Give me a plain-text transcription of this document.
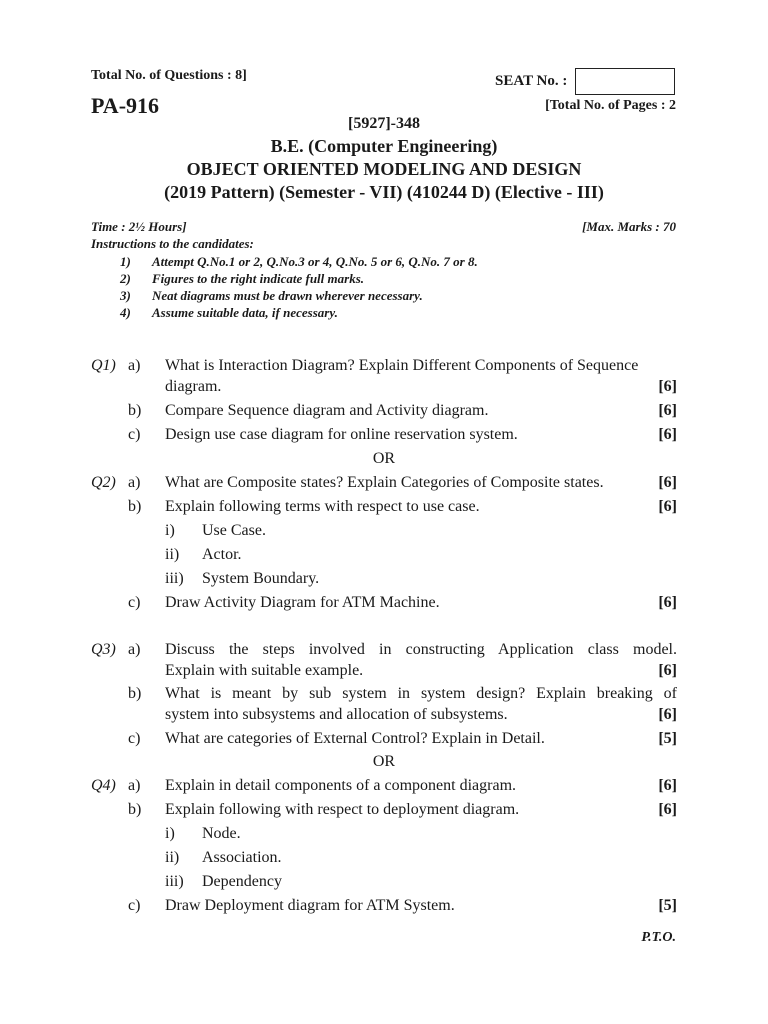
Total No. of Questions : 8]	SEAT No. :
PA-916	[Total No. of Pages : 2
[5927]-348
B.E. (Computer Engineering)
OBJECT ORIENTED MODELING AND DESIGN
(2019 Pattern) (Semester - VII) (410244 D) (Elective - III)
Time : 2½ Hours]	[Max. Marks : 70
Instructions to the candidates:
1) Attempt Q.No.1 or 2, Q.No.3 or 4, Q.No. 5 or 6, Q.No. 7 or 8.
2) Figures to the right indicate full marks.
3) Neat diagrams must be drawn wherever necessary.
4) Assume suitable data, if necessary.
Q1) a) What is Interaction Diagram? Explain Different Components of Sequence
diagram.	[6]
b) Compare Sequence diagram and Activity diagram.	[6]
c) Design use case diagram for online reservation system.	[6]
OR
Q2) a) What are Composite states? Explain Categories of Composite states.	[6]
b) Explain following terms with respect to use case.	[6]
i) Use Case.
ii) Actor.
iii) System Boundary.
c) Draw Activity Diagram for ATM Machine.	[6]
Q3) a) Discuss the steps involved in constructing Application class model.
Explain with suitable example.	[6]
b) What is meant by sub system in system design? Explain breaking of
system into subsystems and allocation of subsystems.	[6]
c) What are categories of External Control? Explain in Detail.	[5]
OR
Q4) a) Explain in detail components of a component diagram.	[6]
b) Explain following with respect to deployment diagram.	[6]
i) Node.
ii) Association.
iii) Dependency
c) Draw Deployment diagram for ATM System.	[5]
P.T.O.
